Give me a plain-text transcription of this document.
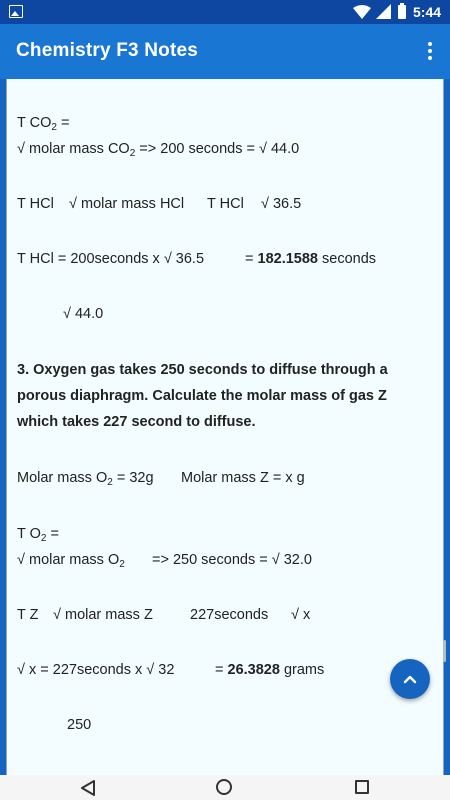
5:44
Chemistry F3 Notes
T $CO_2$ =
√ molar mass $CO_2 => 200$ seconds = √ 44.0
T HCl √ molar mass HCl T HCl √ 36.5
T HCl = 200seconds x √ 36.5	= 182.1588 seconds
√ 44.0
3. Oxygen gas takes 250 seconds to diffuse through a
porous diaphragm. Calculate the molar mass of gas Z
which takes 227 second to diffuse.
Molar mass $O_2 = 32g$ Molar mass Z = x g
T $O_2$ =
√ molar mass $O_2 => 250$ seconds = √ 32.0
T Z √ molar mass Z	227seconds √ x
√ x = 227seconds x √ 32	= 26.3828 grams
250
